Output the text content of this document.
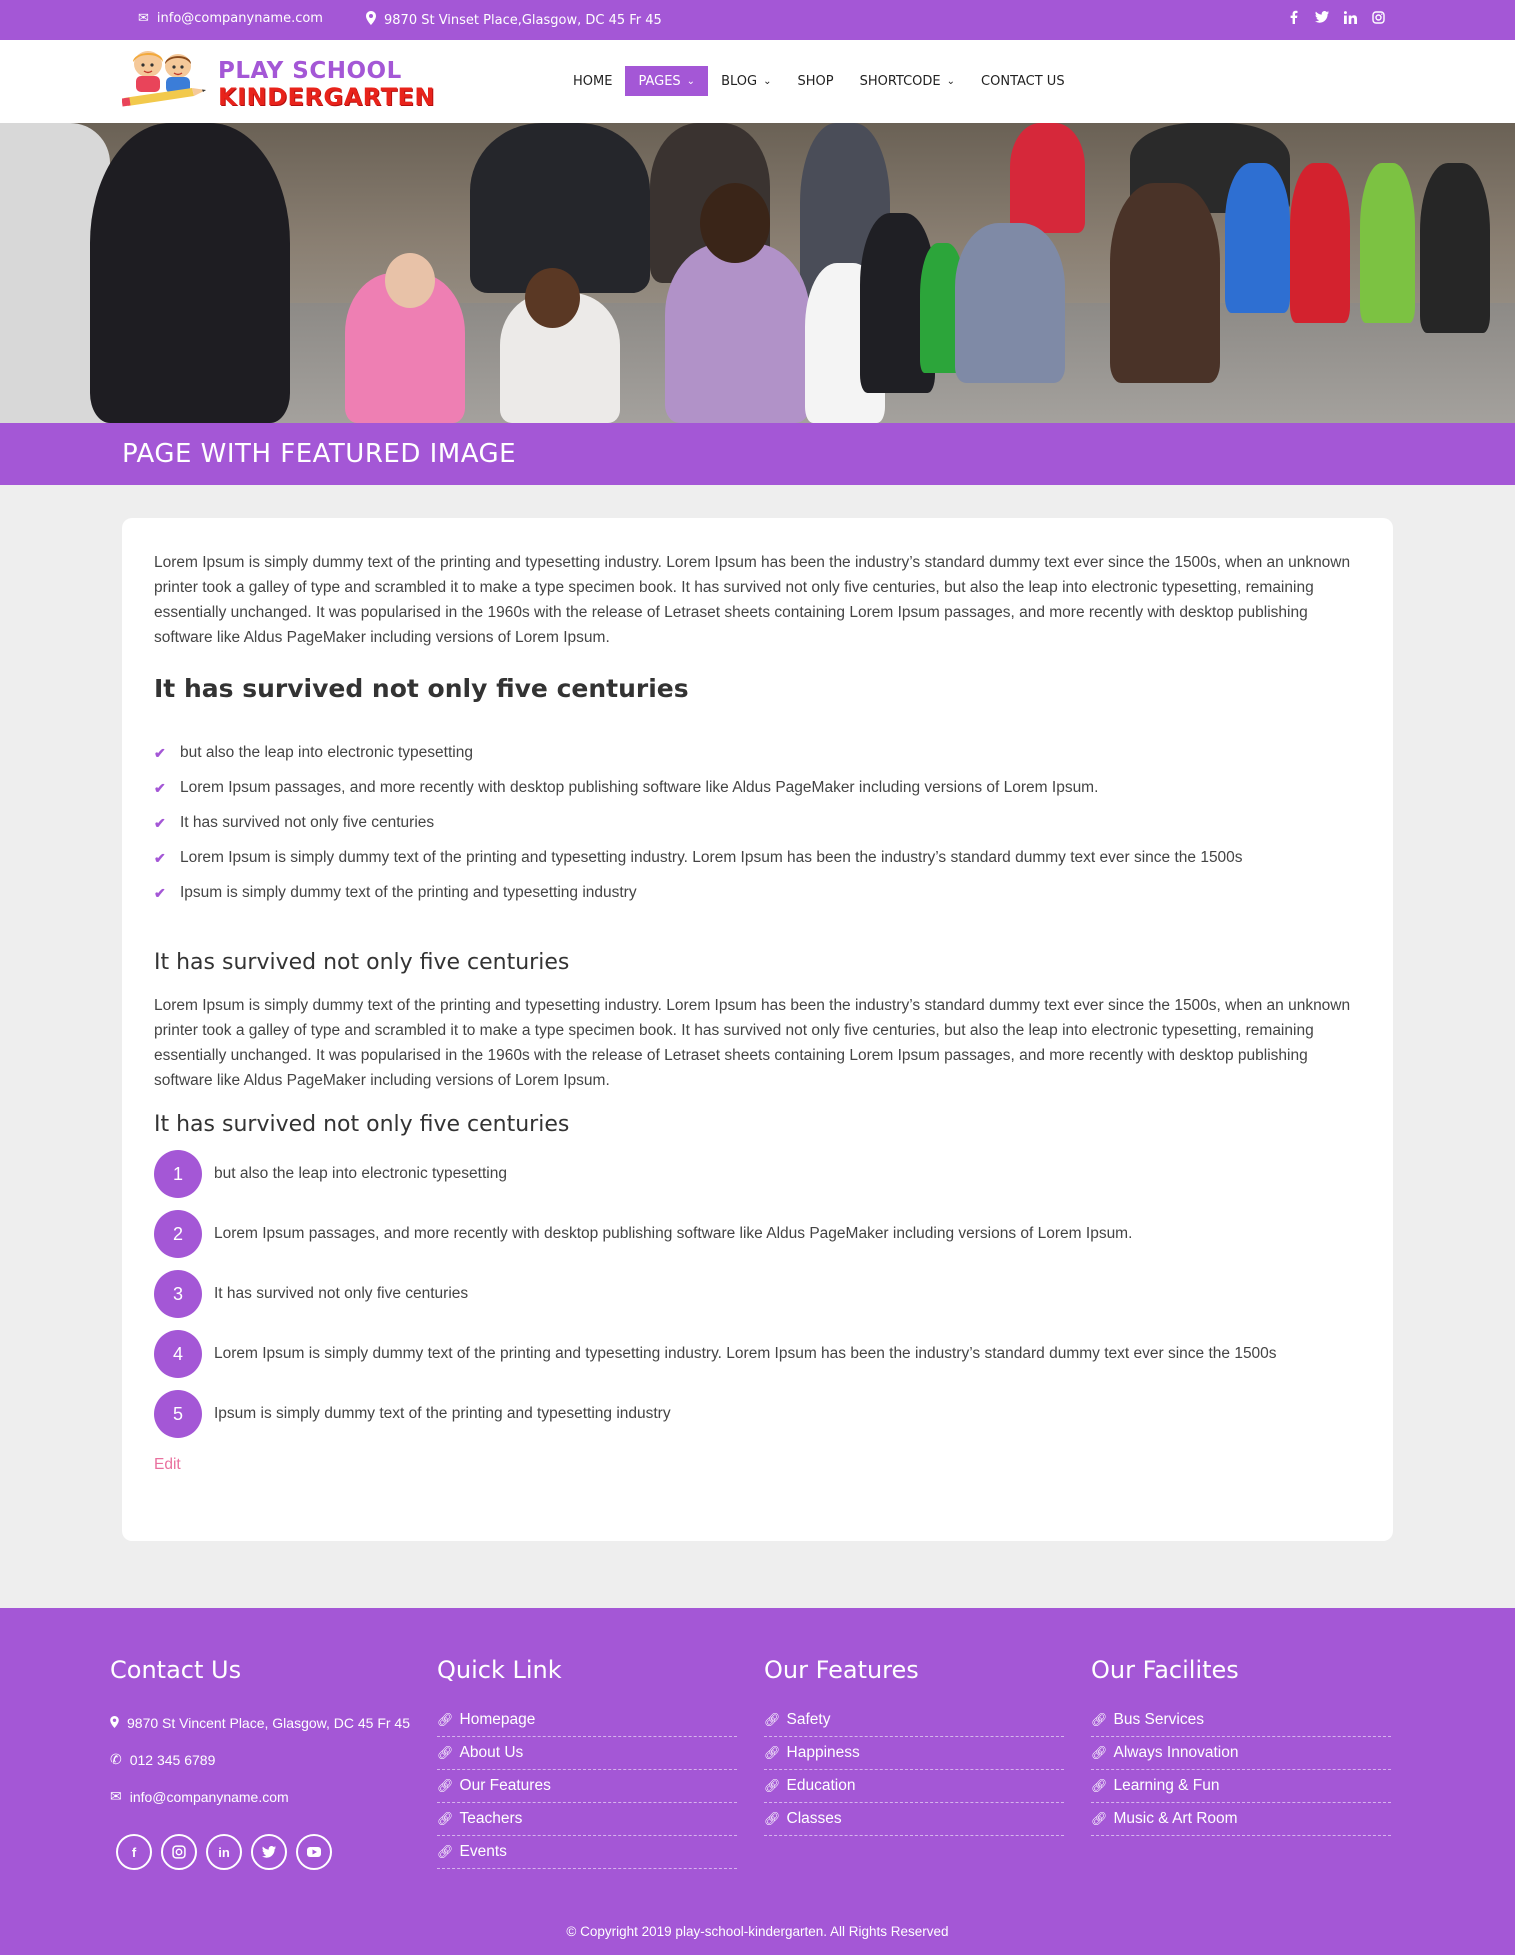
✉ info@companyname.com	9870 St Vinset Place,Glasgow, DC 45 Fr 45
PLAY SCHOOL
KINDERGARTEN
HOME PAGES ⌄ BLOG ⌄ SHOP SHORTCODE ⌄ CONTACT US
PAGE WITH FEATURED IMAGE

Lorem Ipsum is simply dummy text of the printing and typesetting industry. Lorem Ipsum has been the industry’s standard dummy text ever since the 1500s, when an unknown printer took a galley of type and scrambled it to make a type specimen book. It has survived not only five centuries, but also the leap into electronic typesetting, remaining essentially unchanged. It was popularised in the 1960s with the release of Letraset sheets containing Lorem Ipsum passages, and more recently with desktop publishing software like Aldus PageMaker including versions of Lorem Ipsum.

It has survived not only five centuries
✔ but also the leap into electronic typesetting
✔ Lorem Ipsum passages, and more recently with desktop publishing software like Aldus PageMaker including versions of Lorem Ipsum.
✔ It has survived not only five centuries
✔ Lorem Ipsum is simply dummy text of the printing and typesetting industry. Lorem Ipsum has been the industry’s standard dummy text ever since the 1500s
✔ Ipsum is simply dummy text of the printing and typesetting industry
It has survived not only five centuries

Lorem Ipsum is simply dummy text of the printing and typesetting industry. Lorem Ipsum has been the industry’s standard dummy text ever since the 1500s, when an unknown printer took a galley of type and scrambled it to make a type specimen book. It has survived not only five centuries, but also the leap into electronic typesetting, remaining essentially unchanged. It was popularised in the 1960s with the release of Letraset sheets containing Lorem Ipsum passages, and more recently with desktop publishing software like Aldus PageMaker including versions of Lorem Ipsum.

It has survived not only five centuries
1	but also the leap into electronic typesetting
2	Lorem Ipsum passages, and more recently with desktop publishing software like Aldus PageMaker including versions of Lorem Ipsum.
3	It has survived not only five centuries
4	Lorem Ipsum is simply dummy text of the printing and typesetting industry. Lorem Ipsum has been the industry’s standard dummy text ever since the 1500s
5	Ipsum is simply dummy text of the printing and typesetting industry
Edit
Contact Us
9870 St Vincent Place, Glasgow, DC 45 Fr 45
✆ 012 345 6789
✉ info@companyname.com
f	in
Quick Link
🔗︎ Homepage
🔗︎ About Us
🔗︎ Our Features
🔗︎ Teachers
🔗︎ Events
Our Features
🔗︎ Safety
🔗︎ Happiness
🔗︎ Education
🔗︎ Classes
Our Facilites
🔗︎ Bus Services
🔗︎ Always Innovation
🔗︎ Learning & Fun
🔗︎ Music & Art Room
© Copyright 2019 play-school-kindergarten. All Rights Reserved
